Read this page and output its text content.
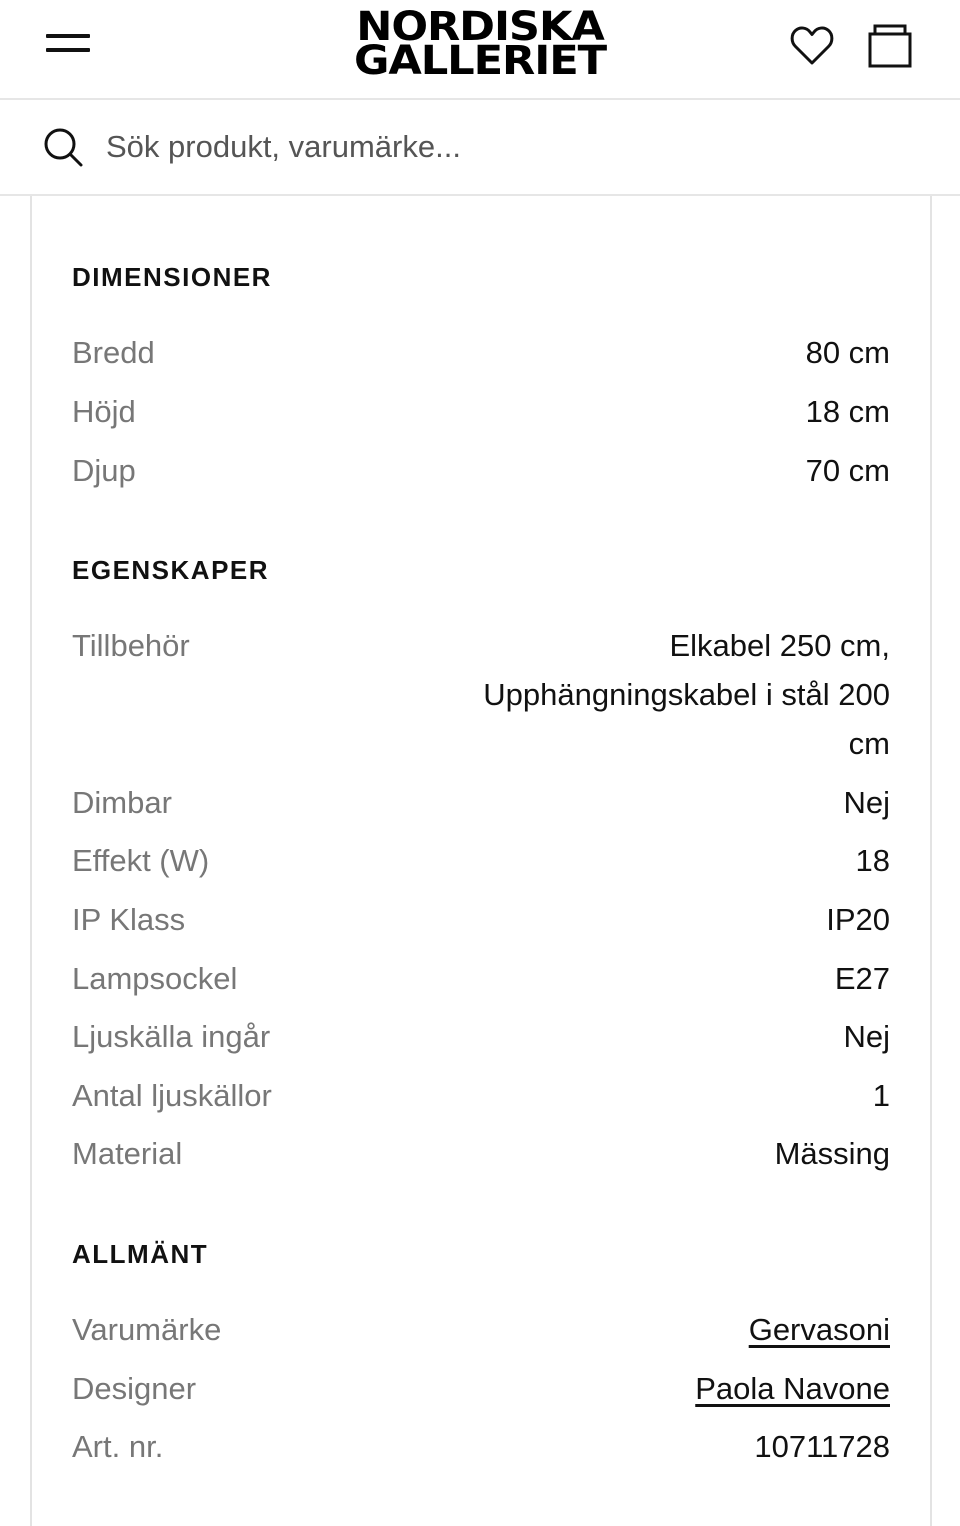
NORDISKA
GALLERIET
Sök produkt, varumärke...
DIMENSIONER
Bredd	80 cm
Höjd	18 cm
Djup	70 cm
EGENSKAPER
Tillbehör	Elkabel 250 cm, Upphängningskabel i stål 200 cm
Dimbar	Nej
Effekt (W)	18
IP Klass	IP20
Lampsockel	E27
Ljuskälla ingår	Nej
Antal ljuskällor	1
Material	Mässing
ALLMÄNT
Varumärke	Gervasoni
Designer	Paola Navone
Art. nr.	10711728
